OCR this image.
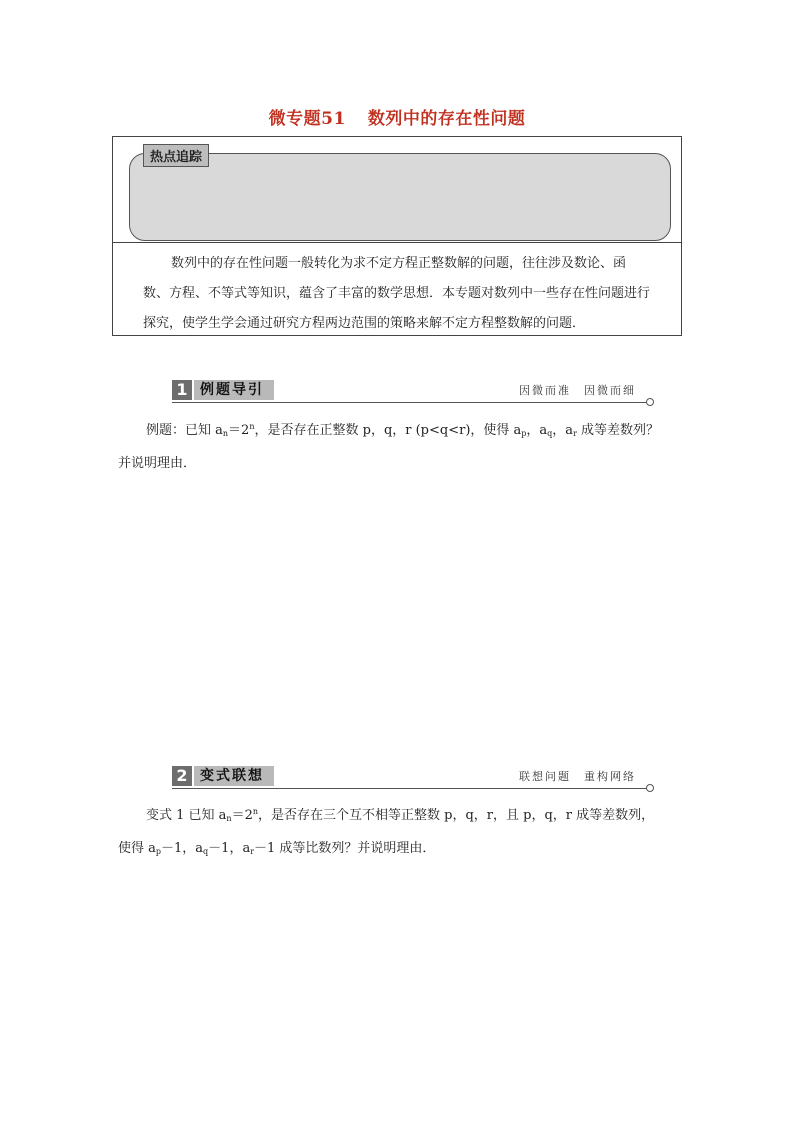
微专题51 数列中的存在性问题
热点追踪

数列中的存在性问题一般转化为求不定方程正整数解的问题，往往涉及数论、函

数、方程、不等式等知识，蕴含了丰富的数学思想．本专题对数列中一些存在性问题进行

探究，使学生学会通过研究方程两边范围的策略来解不定方程整数解的问题．

1 例题导引	因微而准　因微而细

例题：已知 $a_n=2^n$，是否存在正整数 p，q，r (p<q<r)，使得 $a_p$，$a_q$，$a_r$ 成等差数列？

并说明理由．

2 变式联想	联想问题　重构网络

变式 1 已知 $a_n=2^n$，是否存在三个互不相等正整数 p，q，r，且 p，q，r 成等差数列，

使得 $a_p-1$，$a_q-1$，$a_r-1$ 成等比数列？并说明理由．
